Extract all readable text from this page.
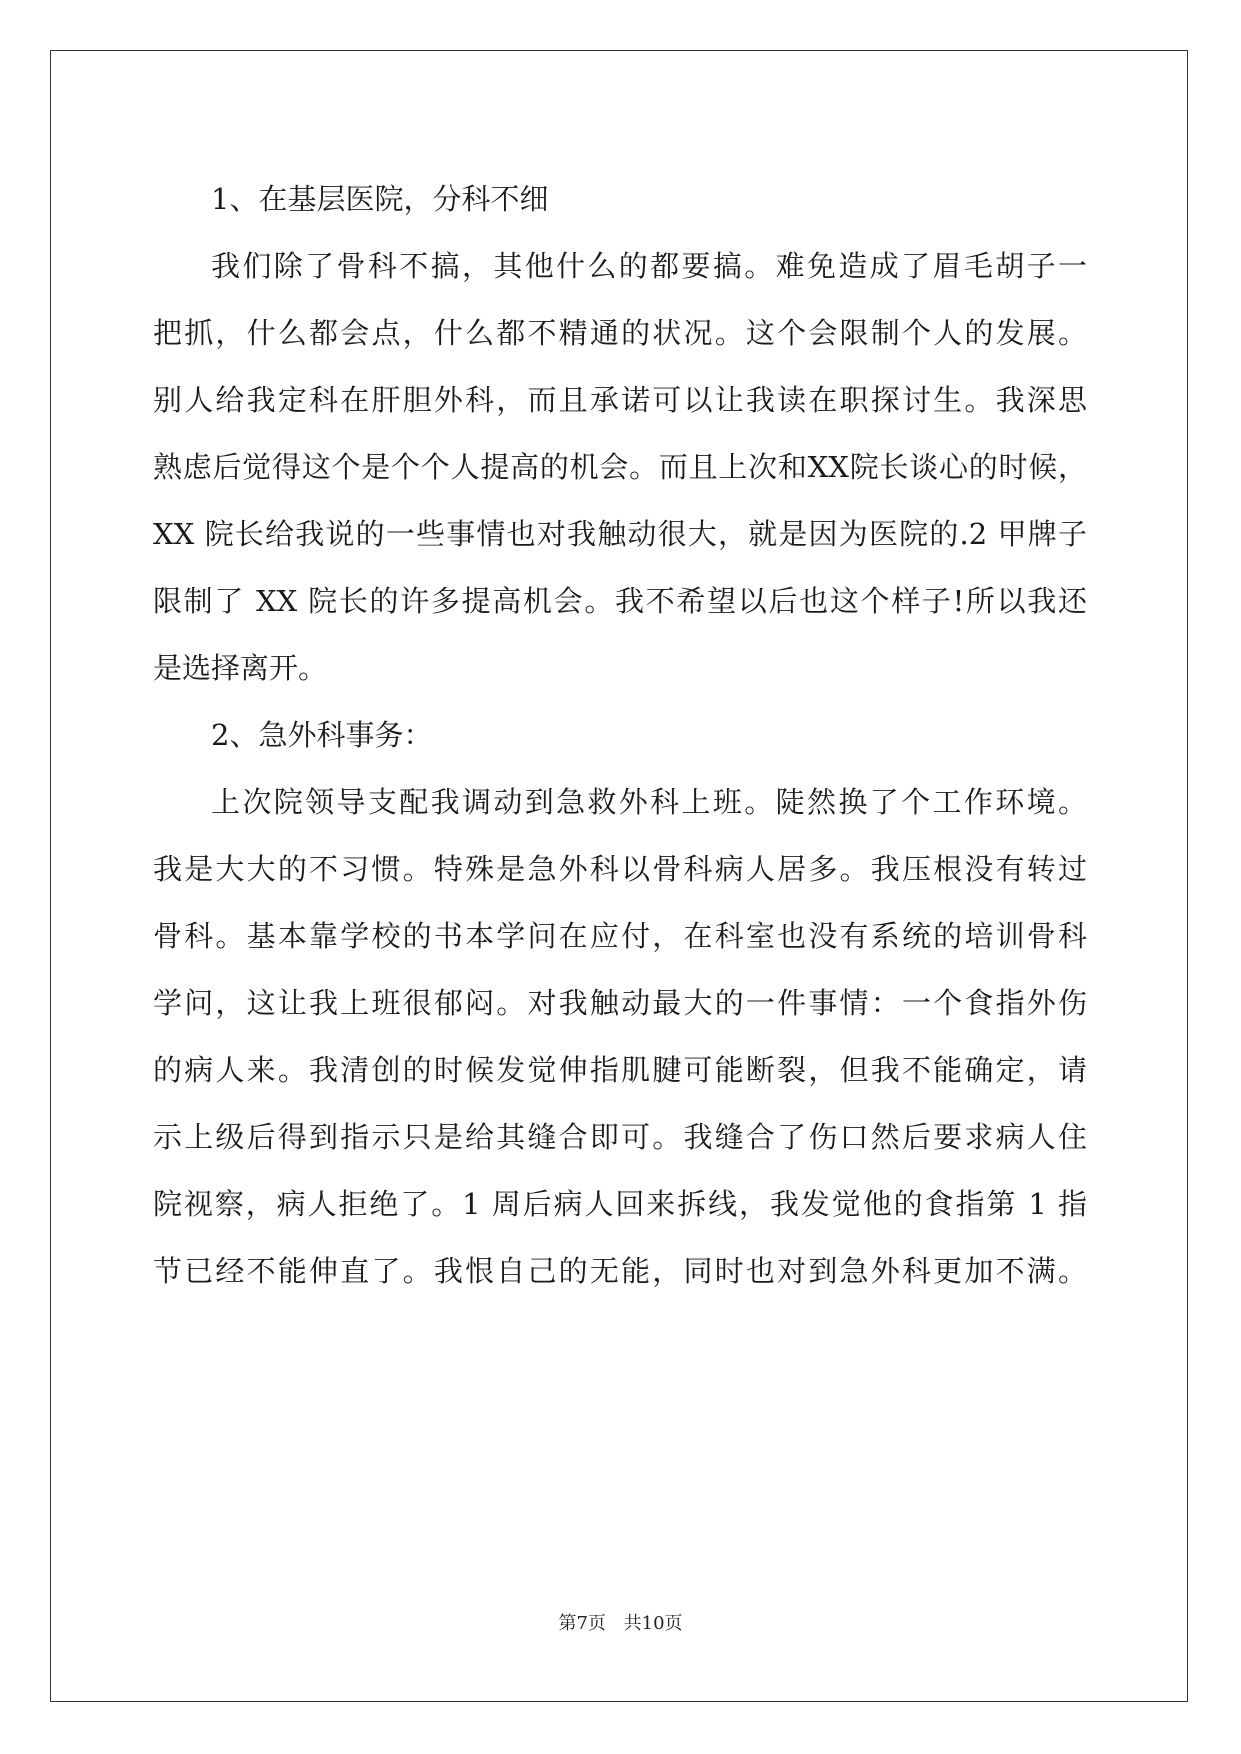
1、在基层医院，分科不细
我们除了骨科不搞，其他什么的都要搞。难免造成了眉毛胡子一
把抓，什么都会点，什么都不精通的状况。这个会限制个人的发展。
别人给我定科在肝胆外科，而且承诺可以让我读在职探讨生。我深思
熟虑后觉得这个是个个人提高的机会。而且上次和XX院长谈心的时候，
XX 院长给我说的一些事情也对我触动很大，就是因为医院的.2 甲牌子
限制了 XX 院长的许多提高机会。我不希望以后也这个样子!所以我还
是选择离开。
2、急外科事务：
上次院领导支配我调动到急救外科上班。陡然换了个工作环境。
我是大大的不习惯。特殊是急外科以骨科病人居多。我压根没有转过
骨科。基本靠学校的书本学问在应付，在科室也没有系统的培训骨科
学问，这让我上班很郁闷。对我触动最大的一件事情：一个食指外伤
的病人来。我清创的时候发觉伸指肌腱可能断裂，但我不能确定，请
示上级后得到指示只是给其缝合即可。我缝合了伤口然后要求病人住
院视察，病人拒绝了。1 周后病人回来拆线，我发觉他的食指第 1 指
节已经不能伸直了。我恨自己的无能，同时也对到急外科更加不满。
第7页 共10页
